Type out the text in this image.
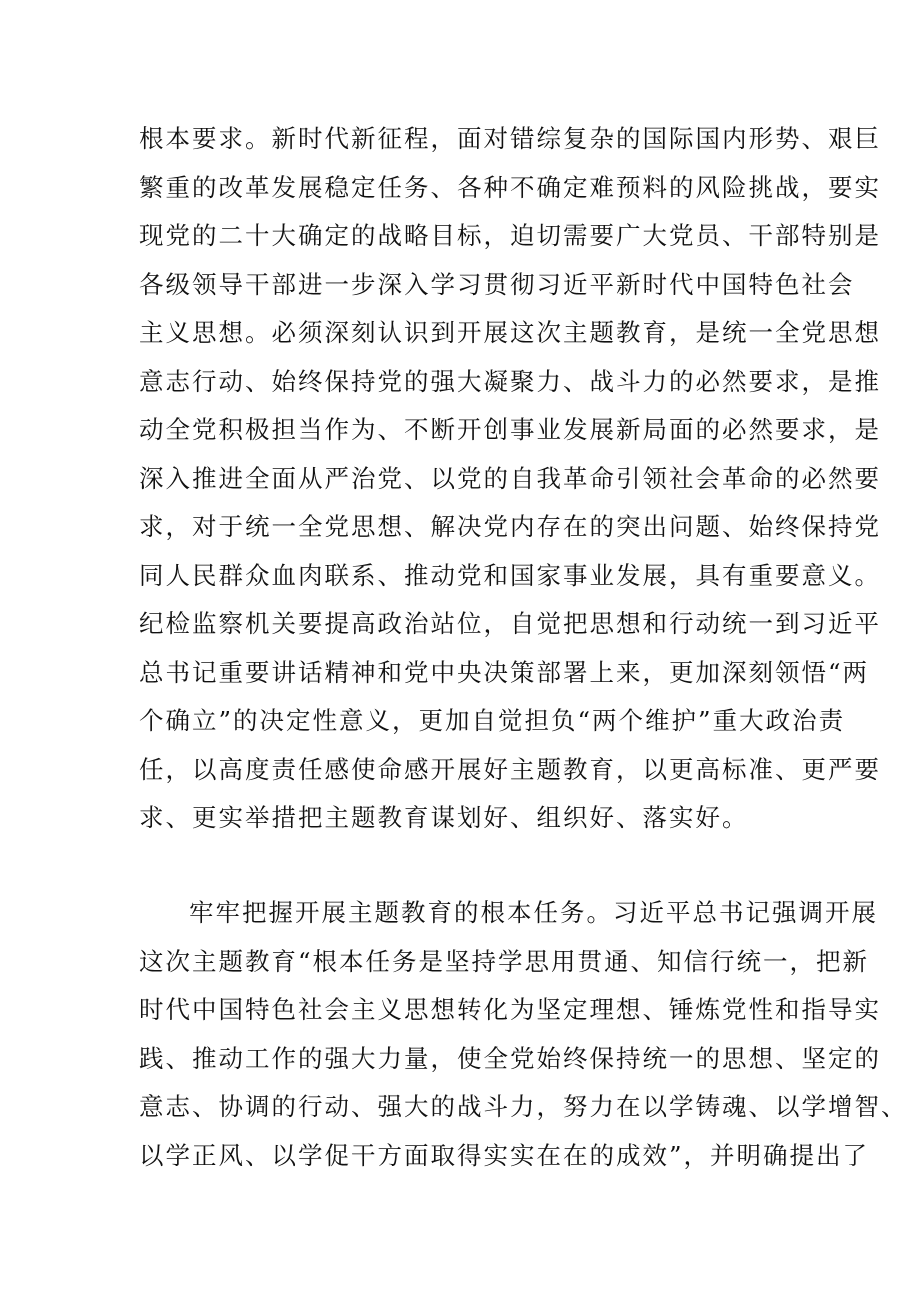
根本要求。新时代新征程，面对错综复杂的国际国内形势、艰巨
繁重的改革发展稳定任务、各种不确定难预料的风险挑战，要实
现党的二十大确定的战略目标，迫切需要广大党员、干部特别是
各级领导干部进一步深入学习贯彻习近平新时代中国特色社会
主义思想。必须深刻认识到开展这次主题教育，是统一全党思想
意志行动、始终保持党的强大凝聚力、战斗力的必然要求，是推
动全党积极担当作为、不断开创事业发展新局面的必然要求，是
深入推进全面从严治党、以党的自我革命引领社会革命的必然要
求，对于统一全党思想、解决党内存在的突出问题、始终保持党
同人民群众血肉联系、推动党和国家事业发展，具有重要意义。
纪检监察机关要提高政治站位，自觉把思想和行动统一到习近平
总书记重要讲话精神和党中央决策部署上来，更加深刻领悟“两
个确立”的决定性意义，更加自觉担负“两个维护”重大政治责
任，以高度责任感使命感开展好主题教育，以更高标准、更严要
求、更实举措把主题教育谋划好、组织好、落实好。
牢牢把握开展主题教育的根本任务。习近平总书记强调开展
这次主题教育“根本任务是坚持学思用贯通、知信行统一，把新
时代中国特色社会主义思想转化为坚定理想、锤炼党性和指导实
践、推动工作的强大力量，使全党始终保持统一的思想、坚定的
意志、协调的行动、强大的战斗力，努力在以学铸魂、以学增智、
以学正风、以学促干方面取得实实在在的成效”，并明确提出了
